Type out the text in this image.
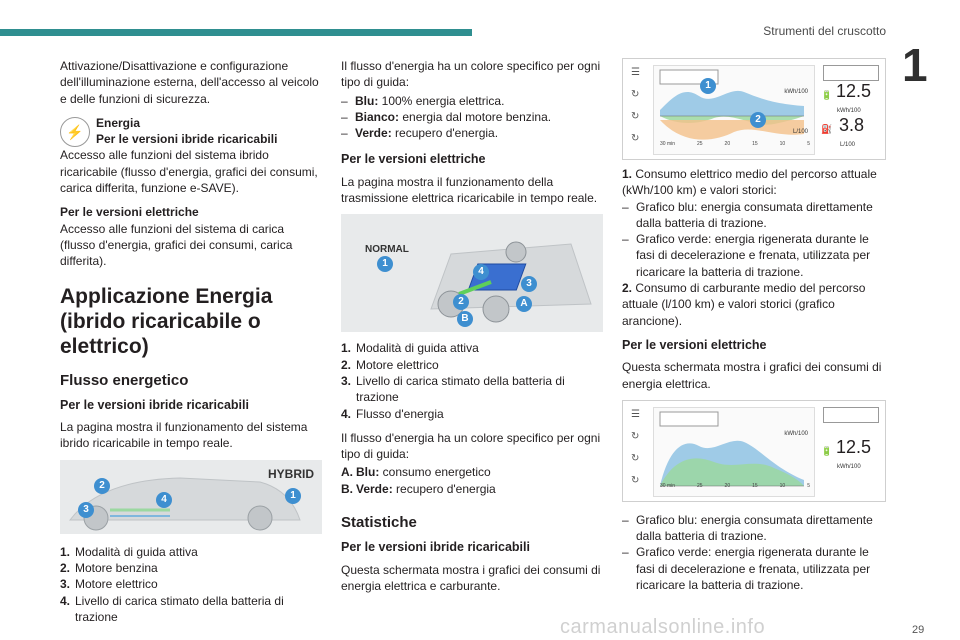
Strumenti del cruscotto
1

Attivazione/Disattivazione e configurazione dell'illuminazione esterna, dell'accesso al veicolo e delle funzioni di sicurezza.

⚡
Energia
Per le versioni ibride ricaricabili

Accesso alle funzioni del sistema ibrido ricaricabile (flusso d'energia, grafici dei consumi, carica differita, funzione e-SAVE).

Per le versioni elettriche

Accesso alle funzioni del sistema di carica (flusso d'energia, grafici dei consumi, carica differita).

Applicazione Energia (ibrido ricaricabile o elettrico)
Flusso energetico
Per le versioni ibride ricaricabili

La pagina mostra il funzionamento del sistema ibrido ricaricabile in tempo reale.

HYBRID
1
2
3
4
1. Modalità di guida attiva
2. Motore benzina
3. Motore elettrico
4. Livello di carica stimato della batteria di trazione

Il flusso d'energia ha un colore specifico per ogni tipo di guida:

– Blu: 100% energia elettrica.
– Bianco: energia dal motore benzina.
– Verde: recupero d'energia.
Per le versioni elettriche

La pagina mostra il funzionamento della trasmissione elettrica ricaricabile in tempo reale.

NORMAL
1
2
3
4
A
B
1. Modalità di guida attiva
2. Motore elettrico
3. Livello di carica stimato della batteria di trazione
4. Flusso d'energia

Il flusso d'energia ha un colore specifico per ogni tipo di guida:

A. Blu: consumo energetico
B. Verde: recupero d'energia
Statistiche
Per le versioni ibride ricaricabili

Questa schermata mostra i grafici dei consumi di energia elettrica e carburante.

☰
↻
↻
↻
kWh/100
L/100
1
2
30 min	25	20	15	10	5
🔋 12.5
kWh/100
⛽ 3.8
L/100

1. Consumo elettrico medio del percorso attuale (kWh/100 km) e valori storici:

– Grafico blu: energia consumata direttamente dalla batteria di trazione.
– Grafico verde: energia rigenerata durante le fasi di decelerazione e frenata, utilizzata per ricaricare la batteria di trazione.

2. Consumo di carburante medio del percorso attuale (l/100 km) e valori storici (grafico arancione).

Per le versioni elettriche

Questa schermata mostra i grafici dei consumi di energia elettrica.

☰
↻
↻
↻
kWh/100
30 min	25	20	15	10	5
🔋 12.5
kWh/100
– Grafico blu: energia consumata direttamente dalla batteria di trazione.
– Grafico verde: energia rigenerata durante le fasi di decelerazione e frenata, utilizzata per ricaricare la batteria di trazione.
carmanualsonline.info	29
